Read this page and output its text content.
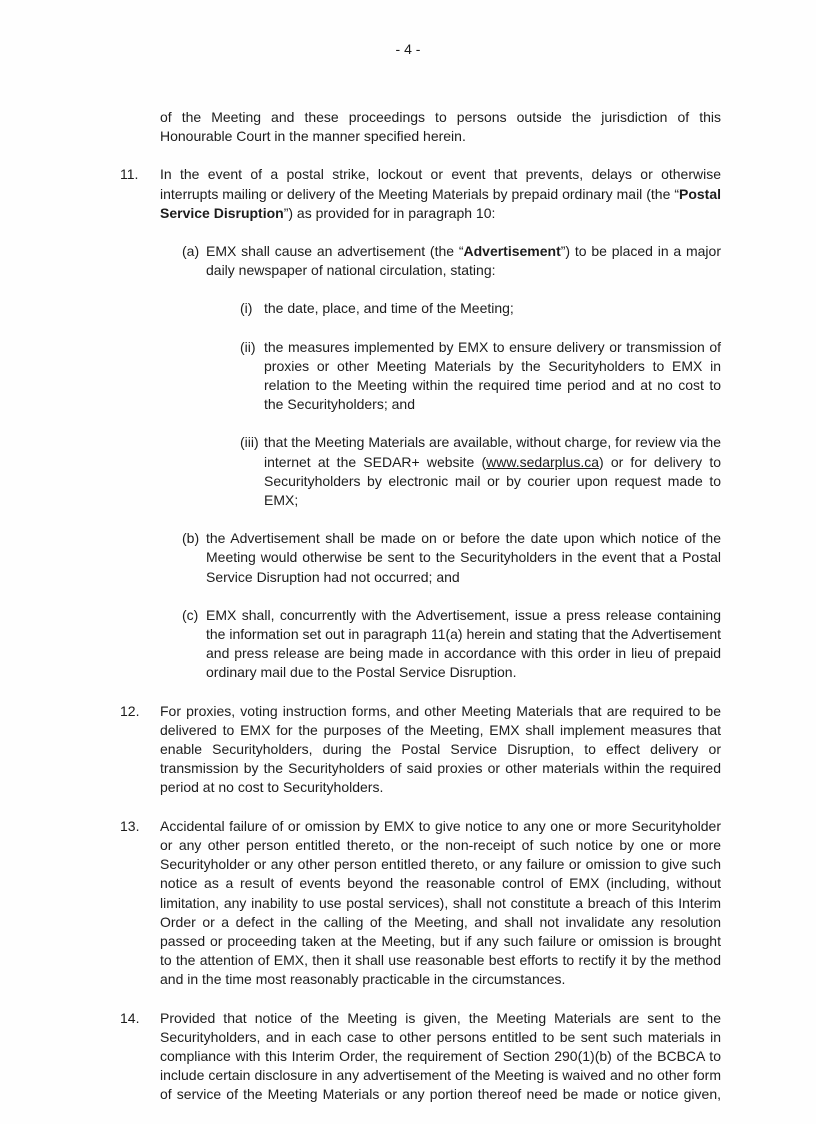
- 4 -
of the Meeting and these proceedings to persons outside the jurisdiction of this Honourable Court in the manner specified herein.
11. In the event of a postal strike, lockout or event that prevents, delays or otherwise interrupts mailing or delivery of the Meeting Materials by prepaid ordinary mail (the “Postal Service Disruption”) as provided for in paragraph 10:
(a) EMX shall cause an advertisement (the “Advertisement”) to be placed in a major daily newspaper of national circulation, stating:
(i) the date, place, and time of the Meeting;
(ii) the measures implemented by EMX to ensure delivery or transmission of proxies or other Meeting Materials by the Securityholders to EMX in relation to the Meeting within the required time period and at no cost to the Securityholders; and
(iii) that the Meeting Materials are available, without charge, for review via the internet at the SEDAR+ website (www.sedarplus.ca) or for delivery to Securityholders by electronic mail or by courier upon request made to EMX;
(b) the Advertisement shall be made on or before the date upon which notice of the Meeting would otherwise be sent to the Securityholders in the event that a Postal Service Disruption had not occurred; and
(c) EMX shall, concurrently with the Advertisement, issue a press release containing the information set out in paragraph 11(a) herein and stating that the Advertisement and press release are being made in accordance with this order in lieu of prepaid ordinary mail due to the Postal Service Disruption.
12. For proxies, voting instruction forms, and other Meeting Materials that are required to be delivered to EMX for the purposes of the Meeting, EMX shall implement measures that enable Securityholders, during the Postal Service Disruption, to effect delivery or transmission by the Securityholders of said proxies or other materials within the required period at no cost to Securityholders.
13. Accidental failure of or omission by EMX to give notice to any one or more Securityholder or any other person entitled thereto, or the non-receipt of such notice by one or more Securityholder or any other person entitled thereto, or any failure or omission to give such notice as a result of events beyond the reasonable control of EMX (including, without limitation, any inability to use postal services), shall not constitute a breach of this Interim Order or a defect in the calling of the Meeting, and shall not invalidate any resolution passed or proceeding taken at the Meeting, but if any such failure or omission is brought to the attention of EMX, then it shall use reasonable best efforts to rectify it by the method and in the time most reasonably practicable in the circumstances.
14. Provided that notice of the Meeting is given, the Meeting Materials are sent to the Securityholders, and in each case to other persons entitled to be sent such materials in compliance with this Interim Order, the requirement of Section 290(1)(b) of the BCBCA to include certain disclosure in any advertisement of the Meeting is waived and no other form of service of the Meeting Materials or any portion thereof need be made or notice given,
